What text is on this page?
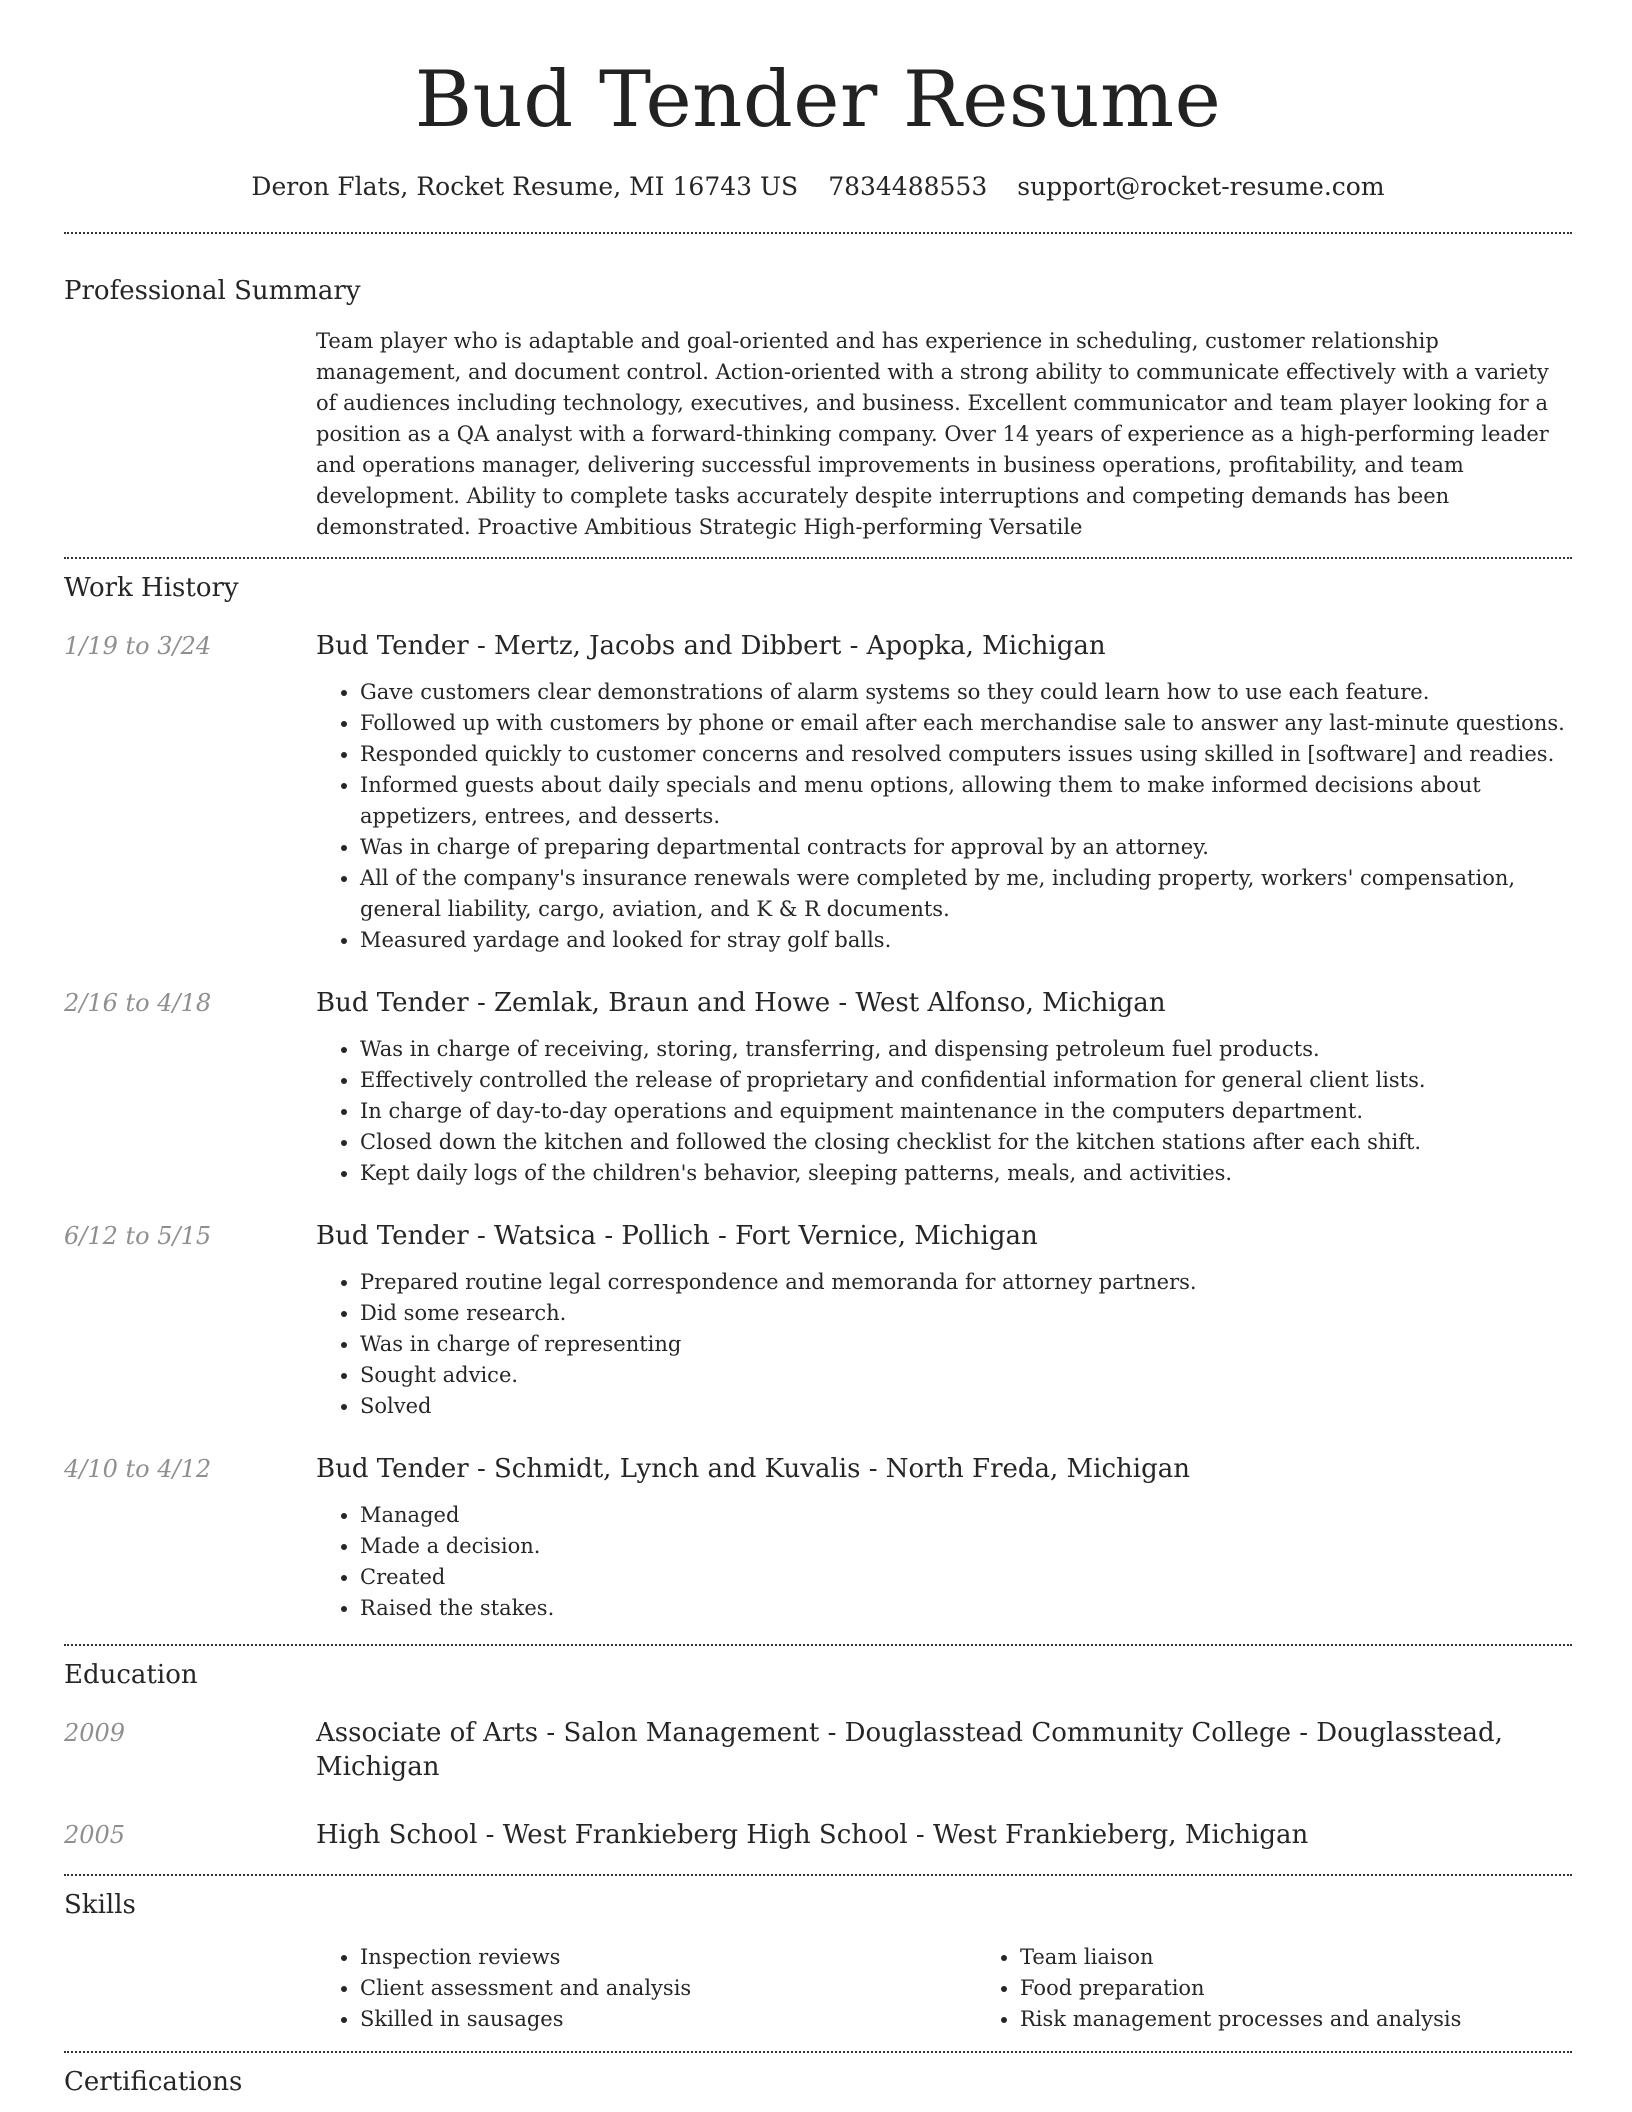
Bud Tender Resume
Deron Flats, Rocket Resume, MI 16743 US 7834488553 support@rocket-resume.com
Professional Summary

Team player who is adaptable and goal-oriented and has experience in scheduling, customer relationship management, and document control. Action-oriented with a strong ability to communicate effectively with a variety of audiences including technology, executives, and business. Excellent communicator and team player looking for a position as a QA analyst with a forward-thinking company. Over 14 years of experience as a high-performing leader and operations manager, delivering successful improvements in business operations, profitability, and team development. Ability to complete tasks accurately despite interruptions and competing demands has been demonstrated. Proactive Ambitious Strategic High-performing Versatile

Work History
1/19 to 3/24	Bud Tender - Mertz, Jacobs and Dibbert - Apopka, Michigan
• Gave customers clear demonstrations of alarm systems so they could learn how to use each feature.
• Followed up with customers by phone or email after each merchandise sale to answer any last-minute questions.
• Responded quickly to customer concerns and resolved computers issues using skilled in [software] and readies.
• Informed guests about daily specials and menu options, allowing them to make informed decisions about appetizers, entrees, and desserts.
• Was in charge of preparing departmental contracts for approval by an attorney.
• All of the company's insurance renewals were completed by me, including property, workers' compensation, general liability, cargo, aviation, and K & R documents.
• Measured yardage and looked for stray golf balls.
2/16 to 4/18	Bud Tender - Zemlak, Braun and Howe - West Alfonso, Michigan
• Was in charge of receiving, storing, transferring, and dispensing petroleum fuel products.
• Effectively controlled the release of proprietary and confidential information for general client lists.
• In charge of day-to-day operations and equipment maintenance in the computers department.
• Closed down the kitchen and followed the closing checklist for the kitchen stations after each shift.
• Kept daily logs of the children's behavior, sleeping patterns, meals, and activities.
6/12 to 5/15	Bud Tender - Watsica - Pollich - Fort Vernice, Michigan
• Prepared routine legal correspondence and memoranda for attorney partners.
• Did some research.
• Was in charge of representing
• Sought advice.
• Solved
4/10 to 4/12	Bud Tender - Schmidt, Lynch and Kuvalis - North Freda, Michigan
• Managed
• Made a decision.
• Created
• Raised the stakes.
Education
2009	Associate of Arts - Salon Management - Douglasstead Community College - Douglasstead, Michigan
2005	High School - West Frankieberg High School - West Frankieberg, Michigan
Skills
• Inspection reviews
• Client assessment and analysis
• Skilled in sausages
• Team liaison
• Food preparation
• Risk management processes and analysis
Certifications
